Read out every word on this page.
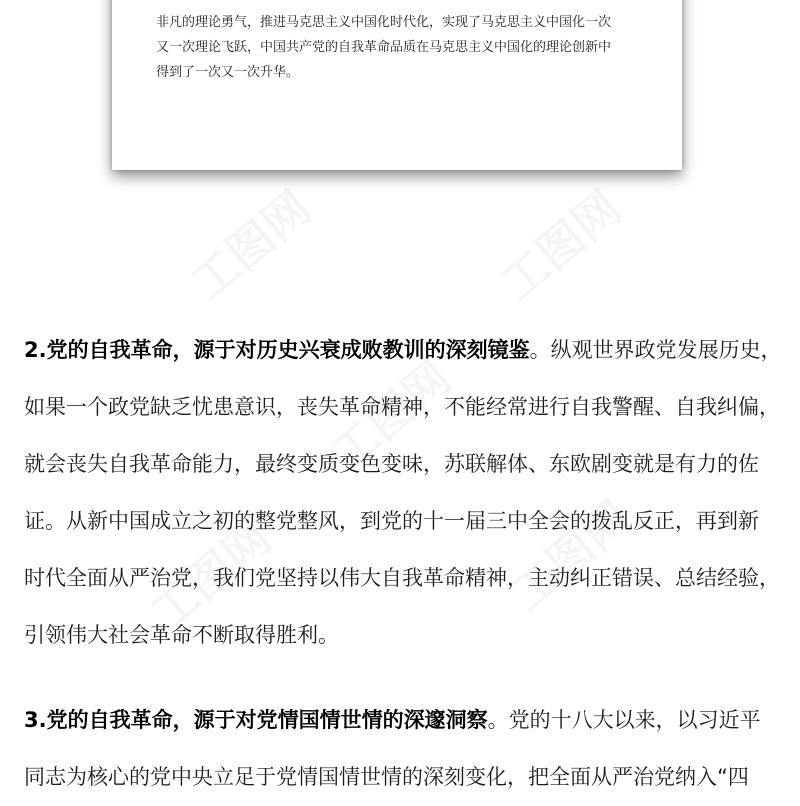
非凡的理论勇气，推进马克思主义中国化时代化，实现了马克思主义中国化一次
又一次理论飞跃，中国共产党的自我革命品质在马克思主义中国化的理论创新中
得到了一次又一次升华。
2.党的自我革命，源于对历史兴衰成败教训的深刻镜鉴。纵观世界政党发展历史，
如果一个政党缺乏忧患意识，丧失革命精神，不能经常进行自我警醒、自我纠偏，
就会丧失自我革命能力，最终变质变色变味，苏联解体、东欧剧变就是有力的佐
证。从新中国成立之初的整党整风，到党的十一届三中全会的拨乱反正，再到新
时代全面从严治党，我们党坚持以伟大自我革命精神，主动纠正错误、总结经验，
引领伟大社会革命不断取得胜利。
3.党的自我革命，源于对党情国情世情的深邃洞察。党的十八大以来，以习近平
同志为核心的党中央立足于党情国情世情的深刻变化，把全面从严治党纳入“四
